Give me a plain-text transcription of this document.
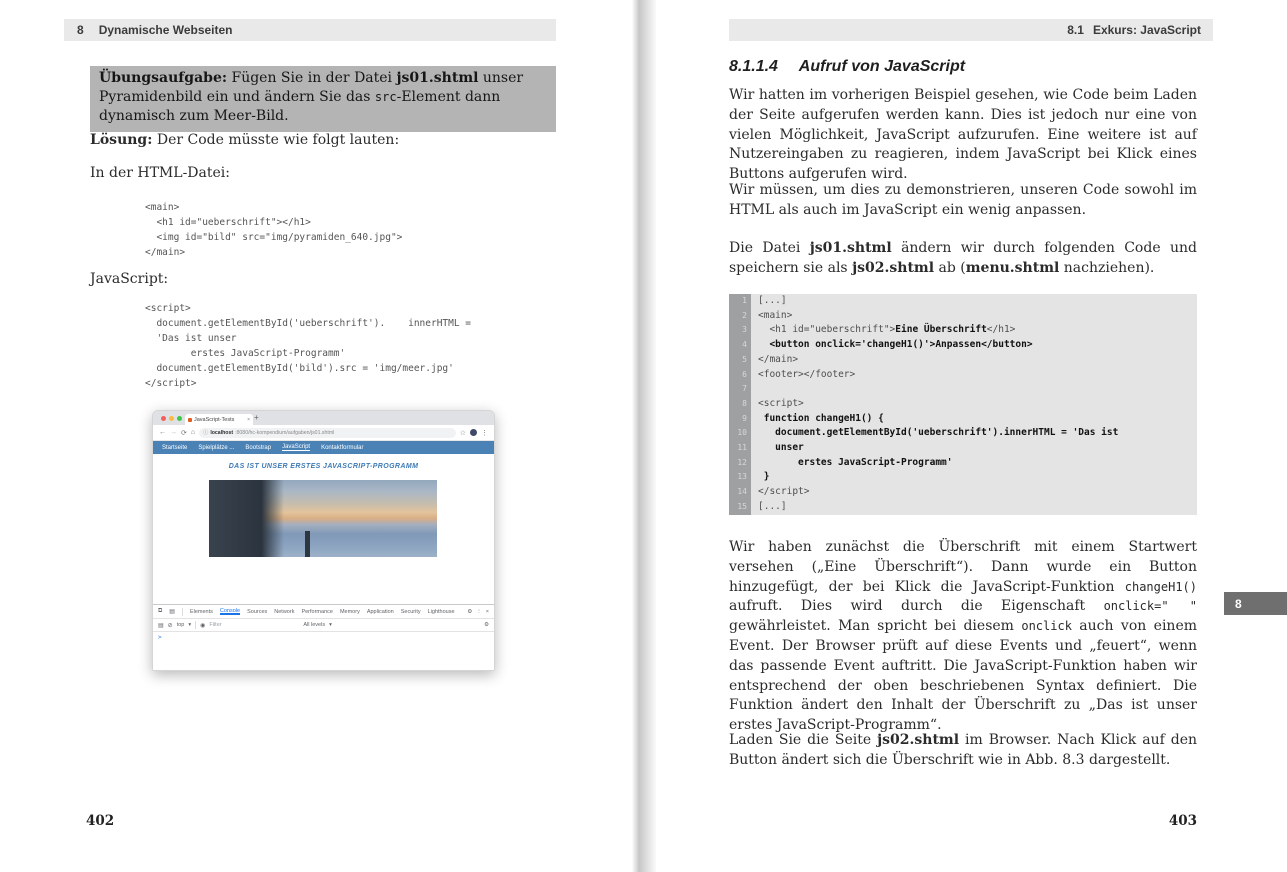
8 Dynamische Webseiten
Übungsaufgabe: Fügen Sie in der Datei js01.shtml unser Pyramidenbild ein und ändern Sie das src-Element dann dynamisch zum Meer-Bild.

Lösung: Der Code müsste wie folgt lauten:

In der HTML-Datei:

<main>
<h1 id="ueberschrift"></h1>
<img id="bild" src="img/pyramiden_640.jpg">
</main>

JavaScript:

<script>
document.getElementById('ueberschrift').    innerHTML =
'Das ist unser
erstes JavaScript-Programm'
document.getElementById('bild').src = 'img/meer.jpg'
</script>
JavaScript-Tests	× +
← → ⟳ ⌂ ⓘ localhost :8080/hc-kompendium/aufgaben/js01.shtml	☆ ⋮
Startseite Spielplätze ... Bootstrap JavaScript Kontaktformular

DAS IST UNSER ERSTES JAVASCRIPT-PROGRAMM

⧉ ▤	Elements Console Sources Network Performance Memory Application Security Lighthouse ⚙ ⋮ ×
▤ ⊘ top ▾ ◉ Filter	All levels ▾	⚙
>
402
8.1 Exkurs: JavaScript
8.1.1.4 Aufruf von JavaScript

Wir hatten im vorherigen Beispiel gesehen, wie Code beim Laden der Seite aufgerufen werden kann. Dies ist jedoch nur eine von vielen Möglichkeit, JavaScript aufzurufen. Eine weitere ist auf Nutzereingaben zu reagieren, indem JavaScript bei Klick eines Buttons aufgerufen wird.

Wir müssen, um dies zu demonstrieren, unseren Code sowohl im HTML als auch im JavaScript ein wenig anpassen.

Die Datei js01.shtml ändern wir durch folgenden Code und speichern sie als js02.shtml ab (menu.shtml nachziehen).

1	[...]
2	<main>
3	<h1 id="ueberschrift">Eine Überschrift</h1>
4	<button onclick='changeH1()'>Anpassen</button>
5	</main>
6	<footer></footer>
7
8	<script>
9	function changeH1() {
10	document.getElementById('ueberschrift').innerHTML = 'Das ist
11	unser
12	erstes JavaScript-Programm'
13	}
14	</script>
15	[...]

Wir haben zunächst die Überschrift mit einem Startwert versehen („Eine Überschrift“). Dann wurde ein Button hinzugefügt, der bei Klick die JavaScript-Funktion changeH1() aufruft. Dies wird durch die Eigenschaft onclick=" " gewährleistet. Man spricht bei diesem onclick auch von einem Event. Der Browser prüft auf diese Events und „feuert“, wenn das passende Event auftritt. Die JavaScript-Funktion haben wir entsprechend der oben beschriebenen Syntax definiert. Die Funktion ändert den Inhalt der Überschrift zu „Das ist unser erstes JavaScript-Programm“.

Laden Sie die Seite js02.shtml im Browser. Nach Klick auf den Button ändert sich die Überschrift wie in Abb. 8.3 dargestellt.

8
403
